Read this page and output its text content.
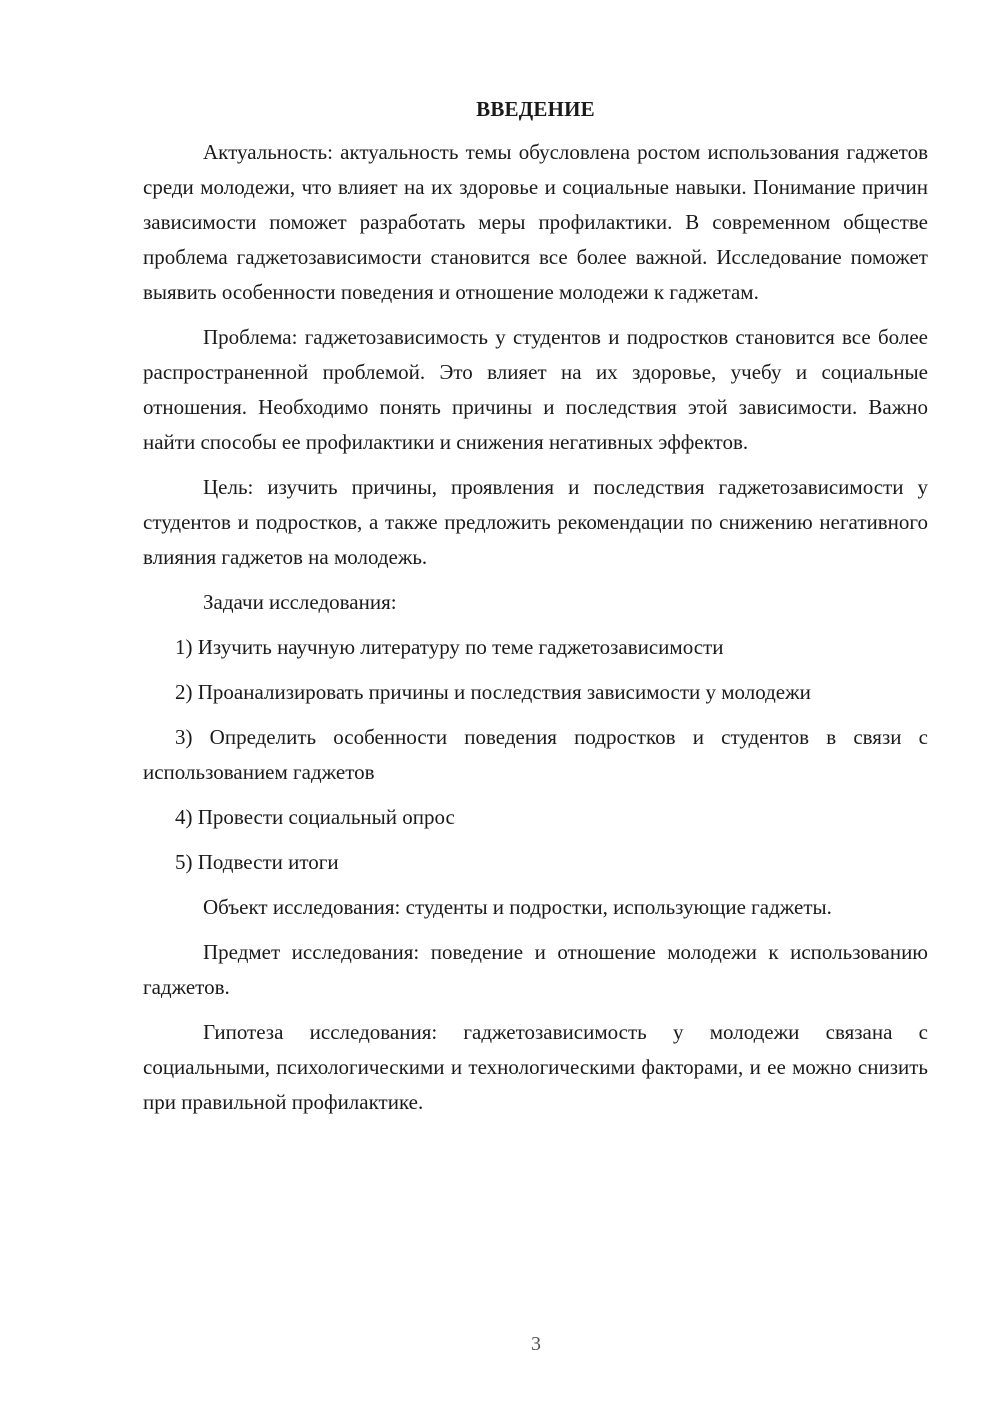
ВВЕДЕНИЕ

Актуальность: актуальность темы обусловлена ростом использования гаджетов среди молодежи, что влияет на их здоровье и социальные навыки. Понимание причин зависимости поможет разработать меры профилактики. В современном обществе проблема гаджетозависимости становится все более важной. Исследование поможет выявить особенности поведения и отношение молодежи к гаджетам.

Проблема: гаджетозависимость у студентов и подростков становится все более распространенной проблемой. Это влияет на их здоровье, учебу и социальные отношения. Необходимо понять причины и последствия этой зависимости. Важно найти способы ее профилактики и снижения негативных эффектов.

Цель: изучить причины, проявления и последствия гаджетозависимости у студентов и подростков, а также предложить рекомендации по снижению негативного влияния гаджетов на молодежь.

Задачи исследования:

1) Изучить научную литературу по теме гаджетозависимости
2) Проанализировать причины и последствия зависимости у молодежи
3) Определить особенности поведения подростков и студентов в связи с использованием гаджетов
4) Провести социальный опрос
5) Подвести итоги

Объект исследования: студенты и подростки, использующие гаджеты.

Предмет исследования: поведение и отношение молодежи к использованию гаджетов.

Гипотеза исследования: гаджетозависимость у молодежи связана с социальными, психологическими и технологическими факторами, и ее можно снизить при правильной профилактике.

3
